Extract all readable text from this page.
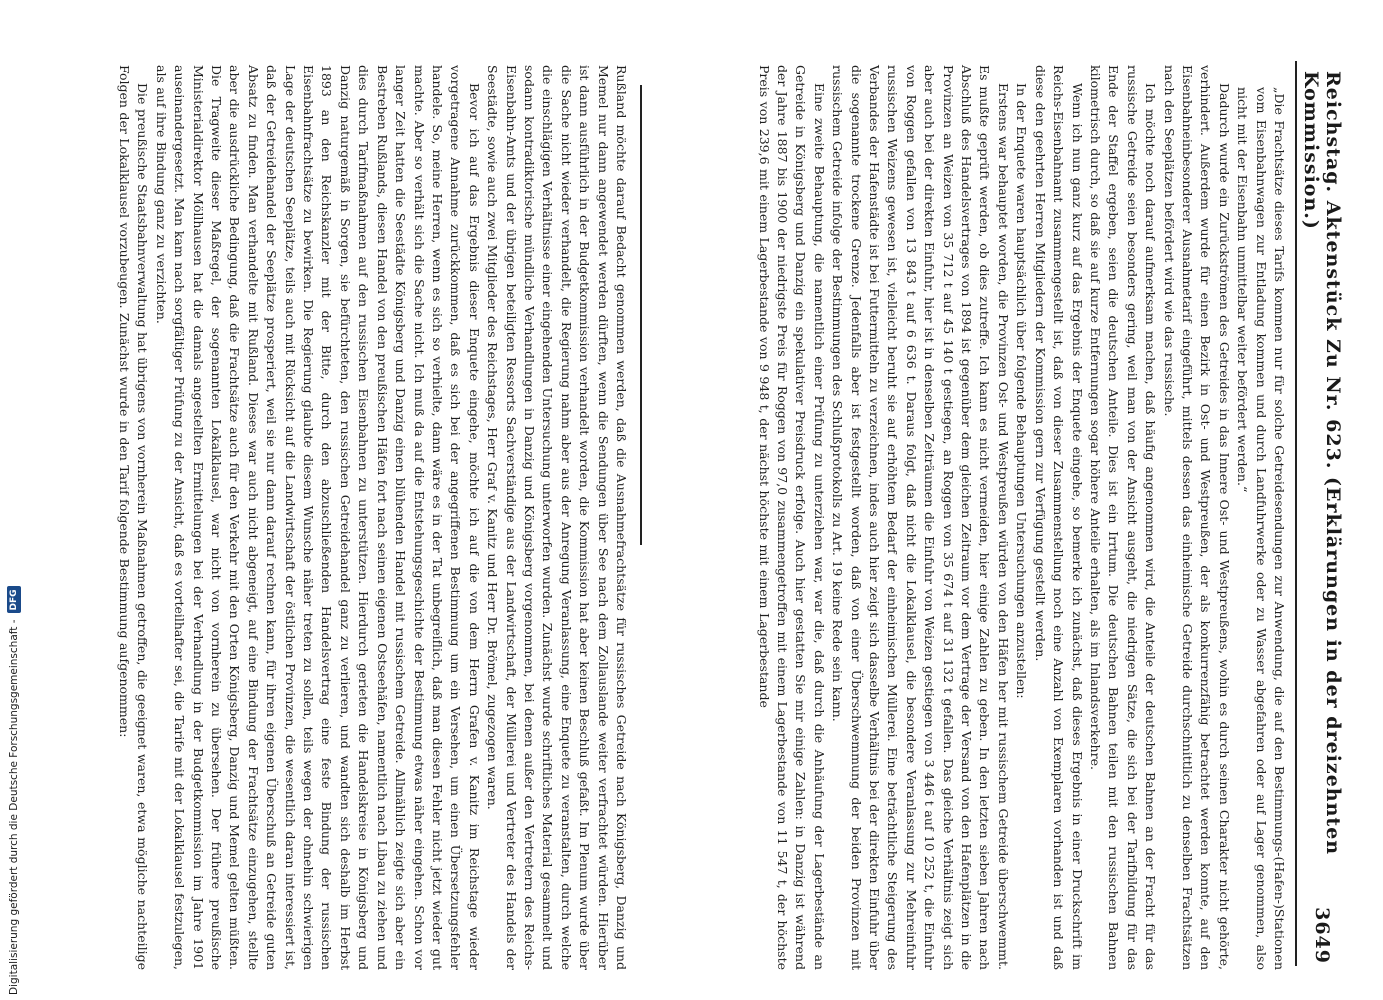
Digitalisierung gefördert durch die Deutsche Forschungsgemeinschaft -
DFG	Reichstag. Aktenstück Zu Nr. 623. (Erklärungen in der dreizehnten Kommission.)
3649

„Die Frachtsätze dieses Tarifs kommen nur für solche Getreidesendungen zur Anwendung, die auf den Bestimmungs-(Hafen-)Stationen vom Eisenbahnwagen zur Entladung kommen und durch Landfuhrwerke oder zu Wasser abgefahren oder auf Lager genommen, also nicht mit der Eisenbahn unmittelbar weiter befördert werden.“

Dadurch wurde ein Zurückströmen des Getreides in das Innere Ost- und Westpreußens, wohin es durch seinen Charakter nicht gehörte, verhindert. Außerdem wurde für einen Bezirk in Ost- und Westpreußen, der als konkurrenzfähig betrachtet werden konnte, auf den Eisenbahneinbesonderer Ausnahmetarif eingeführt, mittels dessen das einheimische Getreide durchschnittlich zu denselben Frachtsätzen nach den Seeplätzen befördert wird wie das russische.

Ich möchte noch darauf aufmerksam machen, daß häufig angenommen wird, die Anteile der deutschen Bahnen an der Fracht für das russische Getreide seien besonders gering, weil man von der Ansicht ausgeht, die niedrigen Sätze, die sich bei der Tarifbildung für das Ende der Staffel ergeben, seien die deutschen Anteile. Dies ist ein Irrtum. Die deutschen Bahnen teilen mit den russischen Bahnen kilometrisch durch, so daß sie auf kurze Entfernungen sogar höhere Anteile erhalten, als im Inlandsverkehre.

Wenn ich nun ganz kurz auf das Ergebnis der Enquete eingehe, so bemerke ich zunächst, daß dieses Ergebnis in einer Druckschrift im Reichs-Eisenbahnamt zusammengestellt ist, daß von dieser Zusammenstellung noch eine Anzahl von Exemplaren vorhanden ist und daß diese den geehrten Herren Mitgliedern der Kommission gern zur Verfügung gestellt werden.

In der Enquete waren hauptsächlich über folgende Behauptungen Untersuchungen anzustellen:

Erstens war behauptet worden, die Provinzen Ost- und Westpreußen würden von den Häfen her mit russischem Getreide überschwemmt. Es mußte geprüft werden, ob dies zutreffe. Ich kann es nicht vermeiden, hier einige Zahlen zu geben. In den letzten sieben Jahren nach Abschluß des Handelsvertrages von 1894 ist gegenüber dem gleichen Zeitraum vor dem Vertrage der Versand von den Hafenplätzen in die Provinzen an Weizen von 35 712 t auf 45 140 t gestiegen, an Roggen von 35 674 t auf 31 132 t gefallen. Das gleiche Verhältnis zeigt sich aber auch bei der direkten Einfuhr, hier ist in denselben Zeiträumen die Einfuhr von Weizen gestiegen von 3 446 t auf 10 252 t, die Einfuhr von Roggen gefallen von 13 843 t auf 6 636 t. Daraus folgt, daß nicht die Lokalklausel, die besondere Veranlassung zur Mehreinfuhr russischen Weizens gewesen ist, vielleicht beruht sie auf erhöhtem Bedarf der einheimischen Müllerei. Eine beträchtliche Steigerung des Verbandes der Hafenstädte ist bei Futtermitteln zu verzeichnen, indes auch hier zeigt sich dasselbe Verhältnis bei der direkten Einfuhr über die sogenannte trockene Grenze. Jedenfalls aber ist festgestellt worden, daß von einer Überschwemmung der beiden Provinzen mit russischem Getreide infolge der Bestimmungen des Schlußprotokolls zu Art. 19 keine Rede sein kann.

Eine zweite Behauptung, die namentlich einer Prüfung zu unterziehen war, war die, daß durch die Anhäufung der Lagerbestände an Getreide in Königsberg und Danzig ein spekulativer Preisdruck erfolge. Auch hier gestatten Sie mir einige Zahlen: in Danzig ist während der Jahre 1887 bis 1900 der niedrigste Preis für Roggen von 97,0 zusammengetroffen mit einem Lagerbestande von 11 547 t, der höchste Preis von 239,6 mit einem Lagerbestande von 9 948 t, der nächst höchste mit einem Lagerbestande

Rußland möchte darauf Bedacht genommen werden, daß die Ausnahmefrachtsätze für russisches Getreide nach Königsberg, Danzig und Memel nur dann angewendet werden dürften, wenn die Sendungen über See nach dem Zollauslande weiter verfrachtet würden. Hierüber ist dann ausführlich in der Budgetkommission verhandelt worden, die Kommission hat aber keinen Beschluß gefaßt. Im Plenum wurde über die Sache nicht wieder verhandelt, die Regierung nahm aber aus der Anregung Veranlassung, eine Enquete zu veranstalten, durch welche die einschlägigen Verhältnisse einer eingehenden Untersuchung unterworfen wurden. Zunächst wurde schriftliches Material gesammelt und sodann kontradiktorische mündliche Verhandlungen in Danzig und Königsberg vorgenommen, bei denen außer den Vertretern des Reichs-Eisenbahn-Amts und der übrigen beteiligten Ressorts Sachverständige aus der Landwirtschaft, der Müllerei und Vertreter des Handels der Seestädte, sowie auch zwei Mitglieder des Reichstages, Herr Graf v. Kanitz und Herr Dr. Brömel, zugezogen waren.

Bevor ich auf das Ergebnis dieser Enquete eingehe, möchte ich auf die von dem Herrn Grafen v. Kanitz im Reichstage wieder vorgetragene Annahme zurückkommen, daß es sich bei der angegriffenen Bestimmung um ein Versehen, um einen Übersetzungsfehler handele. So, meine Herren, wenn es sich so verhielte, dann wäre es in der Tat unbegreiflich, daß man diesen Fehler nicht jetzt wieder gut machte. Aber so verhält sich die Sache nicht. Ich muß da auf die Entstehungsgeschichte der Bestimmung etwas näher eingehen. Schon vor langer Zeit hatten die Seestädte Königsberg und Danzig einen blühenden Handel mit russischem Getreide. Allmählich zeigte sich aber ein Bestreben Rußlands, diesen Handel von den preußischen Häfen fort nach seinen eigenen Ostseehäfen, namentlich nach Libau zu ziehen und dies durch Tarifmaßnahmen auf den russischen Eisenbahnen zu unterstützen. Hierdurch gerieten die Handelskreise in Königsberg und Danzig naturgemäß in Sorgen, sie befürchteten, den russischen Getreidehandel ganz zu verlieren, und wandten sich deshalb im Herbst 1893 an den Reichskanzler mit der Bitte, durch den abzuschließenden Handelsvertrag eine feste Bindung der russischen Eisenbahnfrachtsätze zu bewirken. Die Regierung glaubte diesem Wunsche näher treten zu sollen, teils wegen der ohnehin schwierigen Lage der deutschen Seeplätze, teils auch mit Rücksicht auf die Landwirtschaft der östlichen Provinzen, die wesentlich daran interessiert ist, daß der Getreidehandel der Seeplätze prosperiert, weil sie nur dann darauf rechnen kann, für ihren eigenen Überschuß an Getreide guten Absatz zu finden. Man verhandelte mit Rußland. Dieses war auch nicht abgeneigt, auf eine Bindung der Frachtsätze einzugehen, stellte aber die ausdrückliche Bedingung, daß die Frachtsätze auch für den Verkehr mit den Orten Königsberg, Danzig und Memel gelten müßten. Die Tragweite dieser Maßregel, der sogenannten Lokalklausel, war nicht von vornherein zu übersehen. Der frühere preußische Ministerialdirektor Möllhausen hat die damals angestellten Ermittelungen bei der Verhandlung in der Budgetkommission im Jahre 1901 auseinandergesetzt. Man kam nach sorgfältiger Prüfung zu der Ansicht, daß es vorteilhafter sei, die Tarife mit der Lokalklausel festzulegen, als auf ihre Bindung ganz zu verzichten.

Die preußische Staatsbahnverwaltung hat übrigens von vornherein Maßnahmen getroffen, die geeignet waren, etwa mögliche nachteilige Folgen der Lokalklausel vorzubeugen. Zunächst wurde in den Tarif folgende Bestimmung aufgenommen:
